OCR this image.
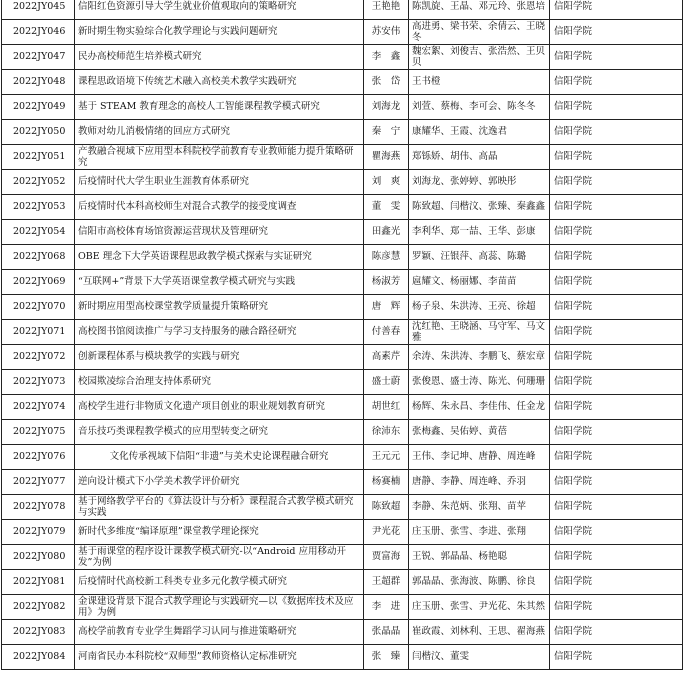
2022JY045	信阳红色资源引导大学生就业价值观取向的策略研究	王艳艳	陈凯旋、王晶、邓元玲、张恩培	信阳学院
2022JY046	新时期生物实验综合化教学理论与实践问题研究	苏安伟	高进勇、梁书荣、余倩云、王晓冬	信阳学院
2022JY047	民办高校师范生培养模式研究	李　鑫	魏宏絮、刘俊吉、张浩然、王贝贝	信阳学院
2022JY048	课程思政语境下传统艺术融入高校美术教学实践研究	张　岱	王书橙	信阳学院
2022JY049	基于 STEAM 教育理念的高校人工智能课程教学模式研究	刘海龙	刘萱、蔡梅、李可会、陈冬冬	信阳学院
2022JY050	教师对幼儿消极情绪的回应方式研究	秦　宁	康耀华、王霞、沈逸君	信阳学院
2022JY051	产教融合视域下应用型本科院校学前教育专业教师能力提升策略研究	瞿海燕	郑铄娇、胡伟、高晶	信阳学院
2022JY052	后疫情时代大学生职业生涯教育体系研究	刘　爽	刘海龙、张婷婷、郭映彤	信阳学院
2022JY053	后疫情时代本科高校师生对混合式教学的接受度调查	董　雯	陈致超、闫楷汶、张臻、秦鑫鑫	信阳学院
2022JY054	信阳市高校体育场馆资源运营现状及管理研究	田鑫光	李利华、郑一喆、王华、彭康	信阳学院
2022JY068	OBE 理念下大学英语课程思政教学模式探索与实证研究	陈彦慧	罗颖、汪银萍、高蕊、陈璐	信阳学院
2022JY069	“互联网+”背景下大学英语课堂教学模式研究与实践	杨淑芳	扈耀文、杨丽娜、李苗苗	信阳学院
2022JY070	新时期应用型高校课堂教学质量提升策略研究	唐　辉	杨子泉、朱洪涛、王亮、徐超	信阳学院
2022JY071	高校图书馆阅读推广与学习支持服务的融合路径研究	付善春	沈红艳、王晓涵、马守军、马文雅	信阳学院
2022JY072	创新课程体系与模块教学的实践与研究	高素芹	余涛、朱洪涛、李鹏飞、蔡宏章	信阳学院
2022JY073	校园欺凌综合治理支持体系研究	盛士蔚	张俊恩、盛士涛、陈光、何珊珊	信阳学院
2022JY074	高校学生进行非物质文化遗产项目创业的职业规划教育研究	胡世红	杨辉、朱永昌、李佳伟、任金龙	信阳学院
2022JY075	音乐技巧类课程教学模式的应用型转变之研究	徐沛东	张梅鑫、吴佑婷、黄蓓	信阳学院
2022JY076	文化传承视域下信阳“非遗”与美术史论课程融合研究	王元元	王伟、李记坤、唐静、周连峰	信阳学院
2022JY077	逆向设计模式下小学美术教学评价研究	杨赛楠	唐静、李静、周连峰、乔羽	信阳学院
2022JY078	基于网络教学平台的《算法设计与分析》课程混合式教学模式研究与实践	陈致超	李静、朱范炳、张翔、苗苹	信阳学院
2022JY079	新时代多维度“编译原理”课堂教学理论探究	尹光花	庄玉册、张雪、李进、张翔	信阳学院
2022JY080	基于雨课堂的程序设计课教学模式研究-以“Android 应用移动开发”为例	贾富海	王锐、郭晶晶、杨艳聪	信阳学院
2022JY081	后疫情时代高校新工科类专业多元化教学模式研究	王超群	郭晶晶、张海波、陈鹏、徐良	信阳学院
2022JY082	金课建设背景下混合式教学理论与实践研究—以《数据库技术及应用》为例	李　进	庄玉册、张雪、尹光花、朱其然	信阳学院
2022JY083	高校学前教育专业学生舞蹈学习认同与推进策略研究	张晶晶	崔政霞、刘林利、王思、翟海燕	信阳学院
2022JY084	河南省民办本科院校“双师型”教师资格认定标准研究	张　臻	闫楷汶、董雯	信阳学院
